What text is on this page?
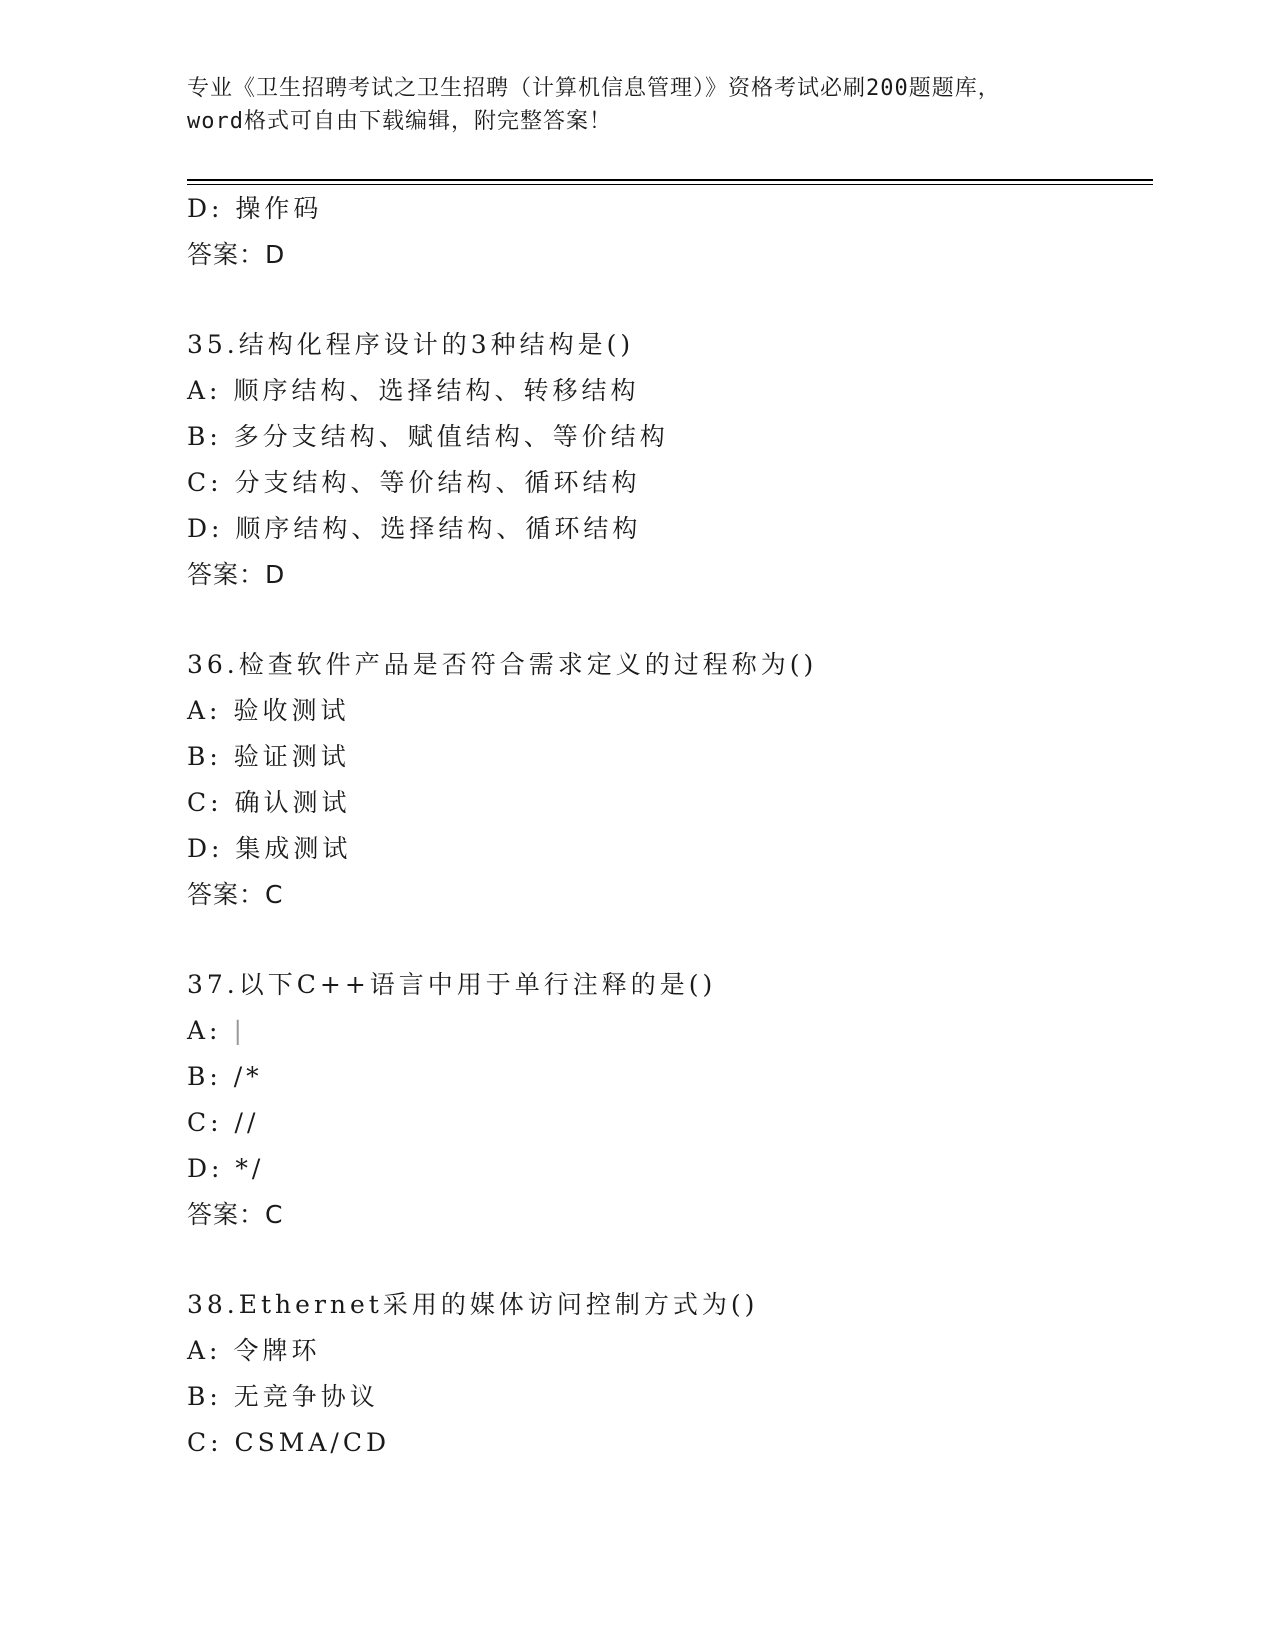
专业《卫生招聘考试之卫生招聘（计算机信息管理）》资格考试必刷200题题库，
word格式可自由下载编辑，附完整答案！
D: 操作码
答案：D
35.结构化程序设计的3种结构是()
A: 顺序结构、选择结构、转移结构
B: 多分支结构、赋值结构、等价结构
C: 分支结构、等价结构、循环结构
D: 顺序结构、选择结构、循环结构
答案：D
36.检查软件产品是否符合需求定义的过程称为()
A: 验收测试
B: 验证测试
C: 确认测试
D: 集成测试
答案：C
37.以下C++语言中用于单行注释的是()
A: |
B: /*
C: //
D: */
答案：C
38.Ethernet采用的媒体访问控制方式为()
A: 令牌环
B: 无竞争协议
C: CSMA/CD
